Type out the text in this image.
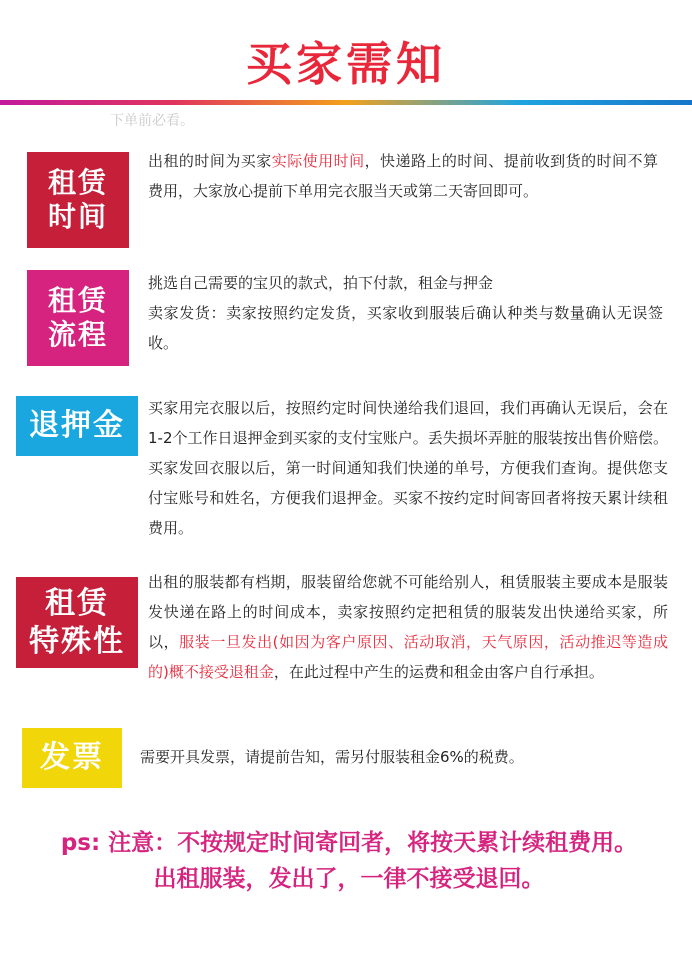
买家需知
下单前必看。
租赁
时间
出租的时间为买家实际使用时间，快递路上的时间、提前收到货的时间不算费用，大家放心提前下单用完衣服当天或第二天寄回即可。
租赁
流程
挑选自己需要的宝贝的款式，拍下付款，租金与押金
卖家发货：卖家按照约定发货，买家收到服装后确认种类与数量确认无误签收。
退押金	买家用完衣服以后，按照约定时间快递给我们退回，我们再确认无误后，会在1-2个工作日退押金到买家的支付宝账户。丢失损坏弄脏的服装按出售价赔偿。买家发回衣服以后，第一时间通知我们快递的单号，方便我们查询。提供您支付宝账号和姓名，方便我们退押金。买家不按约定时间寄回者将按天累计续租费用。
租赁
特殊性
出租的服装都有档期，服装留给您就不可能给别人，租赁服装主要成本是服装发快递在路上的时间成本，卖家按照约定把租赁的服装发出快递给买家，所以，服装一旦发出(如因为客户原因、活动取消，天气原因，活动推迟等造成的)概不接受退租金，在此过程中产生的运费和租金由客户自行承担。
发票	需要开具发票，请提前告知，需另付服装租金6%的税费。
ps: 注意：不按规定时间寄回者，将按天累计续租费用。
出租服装，发出了，一律不接受退回。
